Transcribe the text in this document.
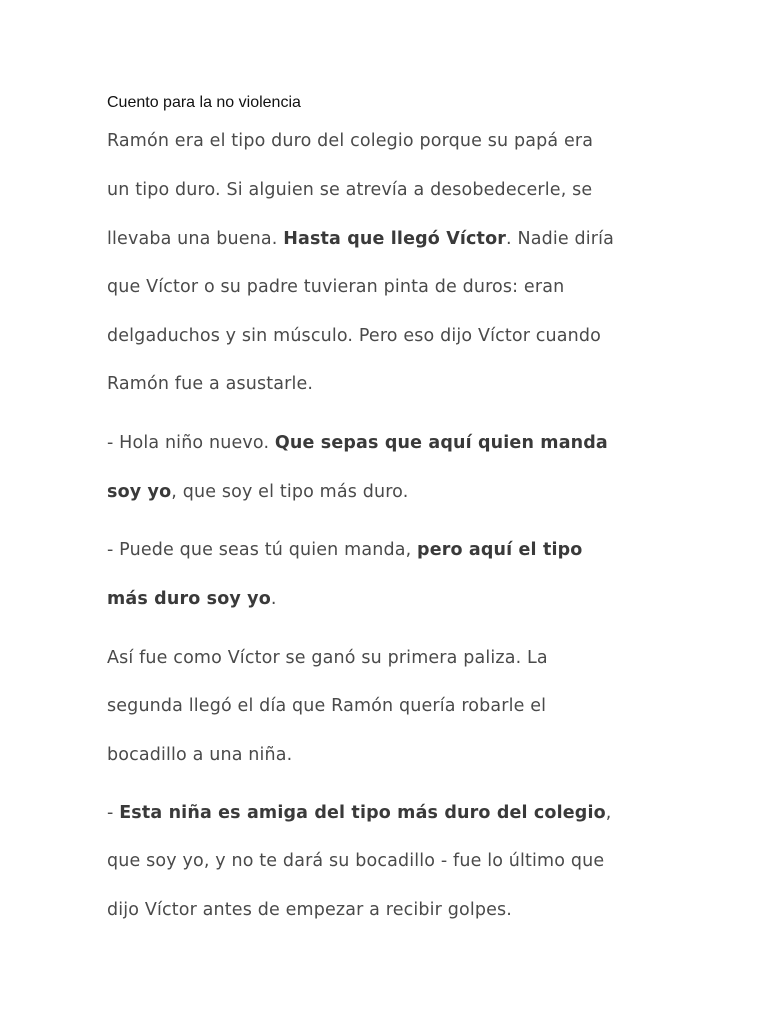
Cuento para la no violencia
Ramón era el tipo duro del colegio porque su papá era
un tipo duro. Si alguien se atrevía a desobedecerle, se
llevaba una buena. Hasta que llegó Víctor. Nadie diría
que Víctor o su padre tuvieran pinta de duros: eran
delgaduchos y sin músculo. Pero eso dijo Víctor cuando
Ramón fue a asustarle.
- Hola niño nuevo. Que sepas que aquí quien manda
soy yo, que soy el tipo más duro.
- Puede que seas tú quien manda, pero aquí el tipo
más duro soy yo.
Así fue como Víctor se ganó su primera paliza. La
segunda llegó el día que Ramón quería robarle el
bocadillo a una niña.
- Esta niña es amiga del tipo más duro del colegio,
que soy yo, y no te dará su bocadillo - fue lo último que
dijo Víctor antes de empezar a recibir golpes.
